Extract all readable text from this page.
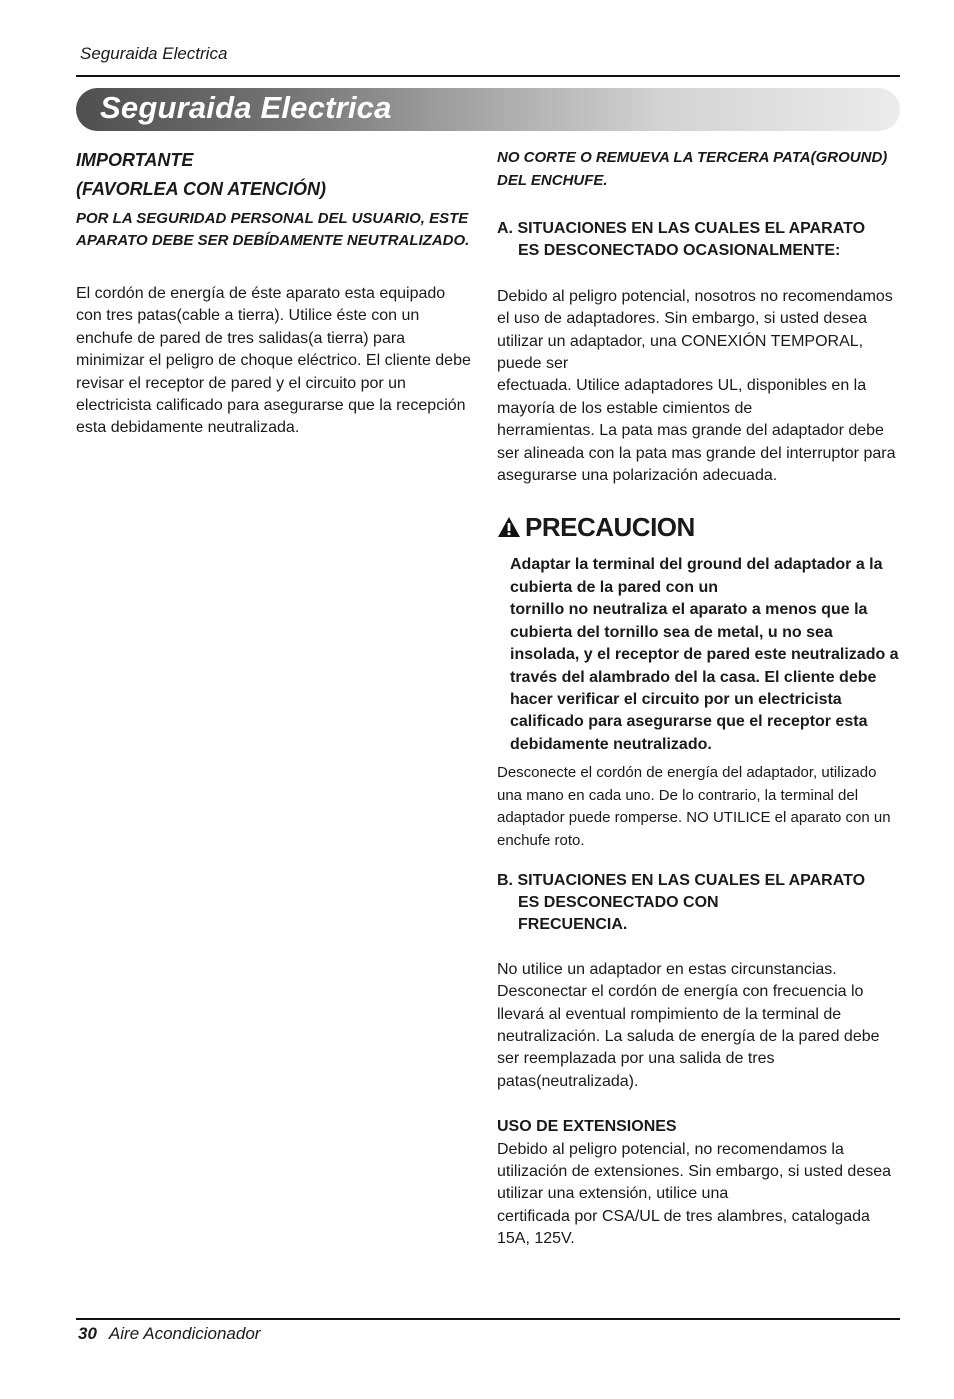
Seguraida Electrica
Seguraida Electrica

IMPORTANTE

(FAVORLEA CON ATENCIÓN)

POR LA SEGURIDAD PERSONAL DEL USUARIO, ESTE APARATO DEBE SER DEBÍDAMENTE NEUTRALIZADO.

El cordón de energía de éste aparato esta equipado con tres patas(cable a tierra). Utilice éste con un enchufe de pared de tres salidas(a tierra) para minimizar el peligro de choque eléctrico. El cliente debe revisar el receptor de pared y el circuito por un electricista calificado para asegurarse que la recepción esta debidamente neutralizada.

NO CORTE O REMUEVA LA TERCERA PATA(GROUND)
DEL ENCHUFE.

A. SITUACIONES EN LAS CUALES EL APARATO
ES DESCONECTADO OCASIONALMENTE:

Debido al peligro potencial, nosotros no recomendamos el uso de adaptadores. Sin embargo, si usted desea utilizar un adaptador, una CONEXIÓN TEMPORAL, puede ser

efectuada. Utilice adaptadores UL, disponibles en la mayoría de los estable cimientos de

herramientas. La pata mas grande del adaptador debe ser alineada con la pata mas grande del interruptor para asegurarse una polarización adecuada.

PRECAUCION

Adaptar la terminal del ground del adaptador a la cubierta de la pared con un

tornillo no neutraliza el aparato a menos que la cubierta del tornillo sea de metal, u no sea insolada, y el receptor de pared este neutralizado a través del alambrado del la casa. El cliente debe hacer verificar el circuito por un electricista calificado para asegurarse que el receptor esta debidamente neutralizado.

Desconecte el cordón de energía del adaptador, utilizado una mano en cada uno. De lo contrario, la terminal del adaptador puede romperse. NO UTILICE el aparato con un enchufe roto.

B. SITUACIONES EN LAS CUALES EL APARATO
ES DESCONECTADO CON
FRECUENCIA.

No utilice un adaptador en estas circunstancias. Desconectar el cordón de energía con frecuencia lo llevará al eventual rompimiento de la terminal de neutralización. La saluda de energía de la pared debe ser reemplazada por una salida de tres patas(neutralizada).

USO DE EXTENSIONES

Debido al peligro potencial, no recomendamos la utilización de extensiones. Sin embargo, si usted desea utilizar una extensión, utilice una

certificada por CSA/UL de tres alambres, catalogada 15A, 125V.

30 Aire Acondicionador
